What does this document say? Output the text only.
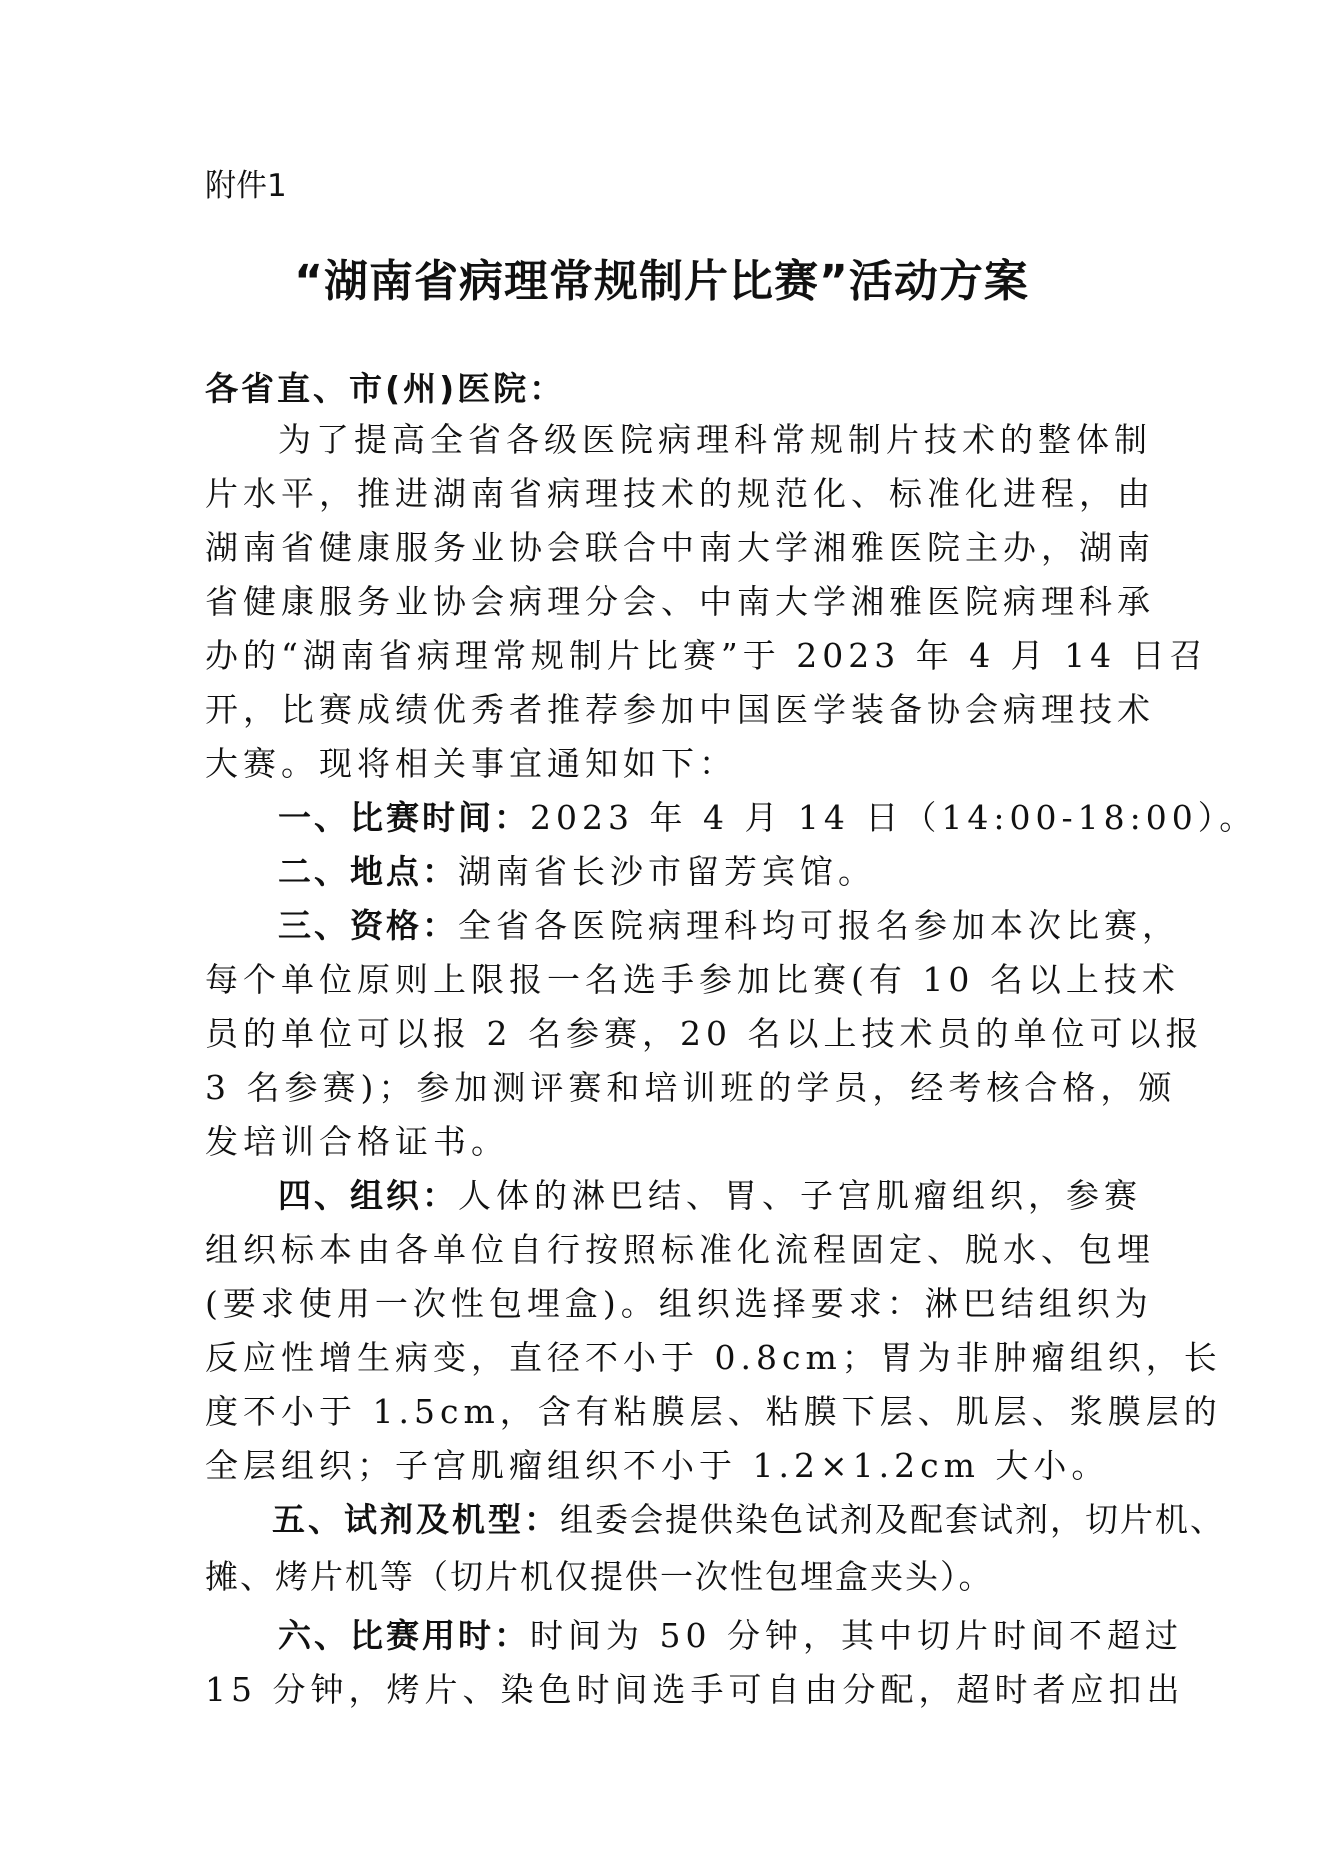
附件1
“湖南省病理常规制片比赛”活动方案
各省直、市(州)医院：
为了提高全省各级医院病理科常规制片技术的整体制
片水平，推进湖南省病理技术的规范化、标准化进程，由
湖南省健康服务业协会联合中南大学湘雅医院主办，湖南
省健康服务业协会病理分会、中南大学湘雅医院病理科承
办的“湖南省病理常规制片比赛”于 2023 年 4 月 14 日召
开，比赛成绩优秀者推荐参加中国医学装备协会病理技术
大赛。现将相关事宜通知如下：
一、比赛时间：2023 年 4 月 14 日（14:00-18:00）。
二、地点：湖南省长沙市留芳宾馆。
三、资格：全省各医院病理科均可报名参加本次比赛，
每个单位原则上限报一名选手参加比赛(有 10 名以上技术
员的单位可以报 2 名参赛，20 名以上技术员的单位可以报
3 名参赛)；参加测评赛和培训班的学员，经考核合格，颁
发培训合格证书。
四、组织：人体的淋巴结、胃、子宫肌瘤组织，参赛
组织标本由各单位自行按照标准化流程固定、脱水、包埋
(要求使用一次性包埋盒)。组织选择要求：淋巴结组织为
反应性增生病变，直径不小于 0.8cm；胃为非肿瘤组织，长
度不小于 1.5cm，含有粘膜层、粘膜下层、肌层、浆膜层的
全层组织；子宫肌瘤组织不小于 1.2×1.2cm 大小。
五、试剂及机型：组委会提供染色试剂及配套试剂，切片机、
摊、烤片机等（切片机仅提供一次性包埋盒夹头）。
六、比赛用时：时间为 50 分钟，其中切片时间不超过
15 分钟，烤片、染色时间选手可自由分配，超时者应扣出
